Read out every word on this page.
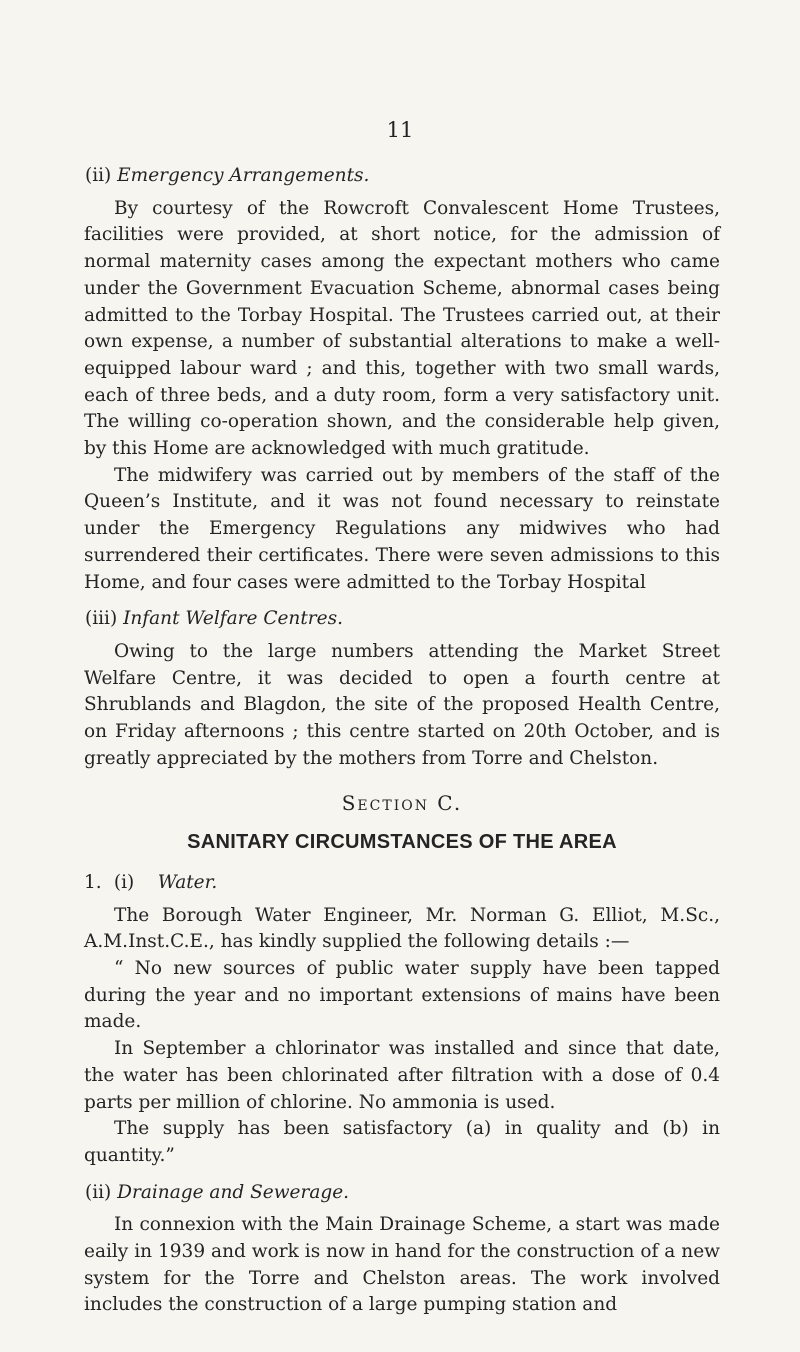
11
(ii) Emergency Arrangements.

By courtesy of the Rowcroft Convalescent Home Trustees, facilities were provided, at short notice, for the admission of normal maternity cases among the expectant mothers who came under the Government Evacuation Scheme, abnormal cases being admitted to the Torbay Hospital. The Trustees carried out, at their own expense, a number of substantial alterations to make a well-equipped labour ward ; and this, together with two small wards, each of three beds, and a duty room, form a very satisfactory unit. The willing co-operation shown, and the considerable help given, by this Home are acknowledged with much gratitude.

The midwifery was carried out by members of the staff of the Queen’s Institute, and it was not found necessary to reinstate under the Emergency Regulations any midwives who had surrendered their certificates. There were seven admissions to this Home, and four cases were admitted to the Torbay Hospital

(iii) Infant Welfare Centres.

Owing to the large numbers attending the Market Street Welfare Centre, it was decided to open a fourth centre at Shrublands and Blagdon, the site of the proposed Health Centre, on Friday afternoons ; this centre started on 20th October, and is greatly appreciated by the mothers from Torre and Chelston.

Section C.
SANITARY CIRCUMSTANCES OF THE AREA
1. (i) Water.

The Borough Water Engineer, Mr. Norman G. Elliot, M.Sc., A.M.Inst.C.E., has kindly supplied the following details :—

“ No new sources of public water supply have been tapped during the year and no important extensions of mains have been made.

In September a chlorinator was installed and since that date, the water has been chlorinated after filtration with a dose of 0.4 parts per million of chlorine. No ammonia is used.

The supply has been satisfactory (a) in quality and (b) in quantity.”

(ii) Drainage and Sewerage.

In connexion with the Main Drainage Scheme, a start was made eaily in 1939 and work is now in hand for the construction of a new system for the Torre and Chelston areas. The work involved includes the construction of a large pumping station and
